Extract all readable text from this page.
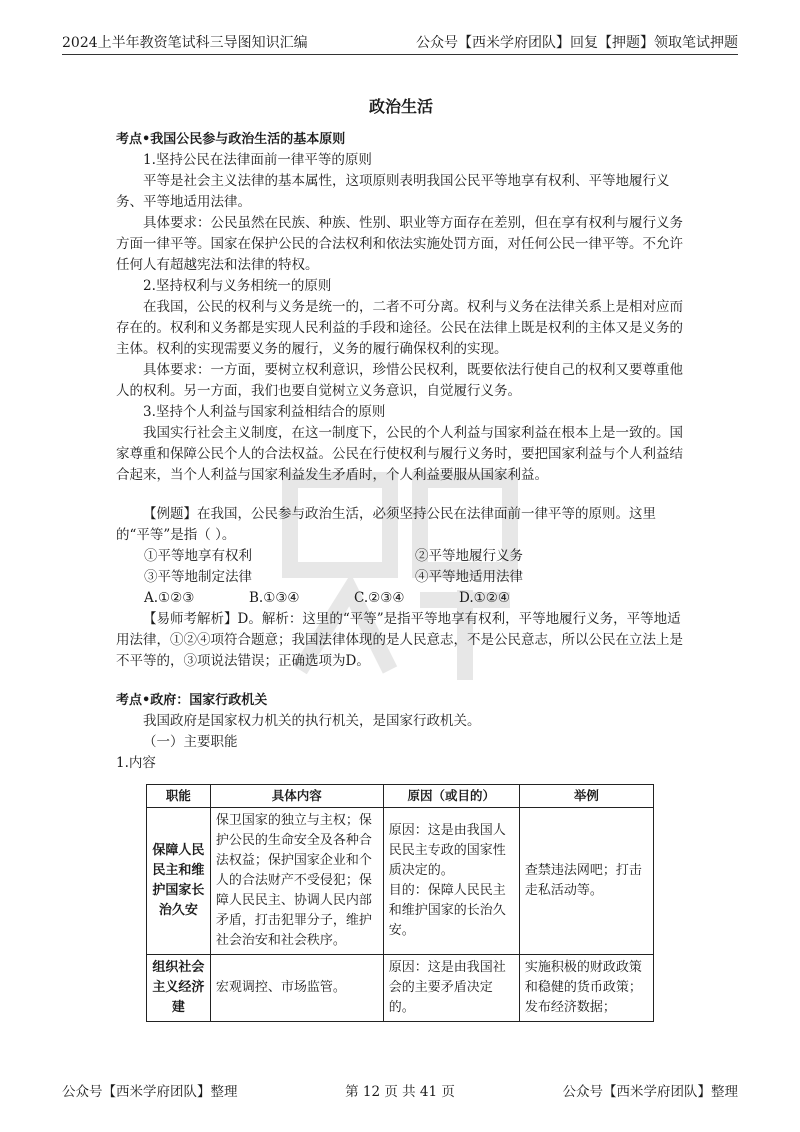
2024上半年教资笔试科三导图知识汇编	公众号【西米学府团队】回复【押题】领取笔试押题

政治生活

考点•我国公民参与政治生活的基本原则

1.坚持公民在法律面前一律平等的原则

平等是社会主义法律的基本属性，这项原则表明我国公民平等地享有权利、平等地履行义务、平等地适用法律。

具体要求：公民虽然在民族、种族、性别、职业等方面存在差别，但在享有权利与履行义务方面一律平等。国家在保护公民的合法权利和依法实施处罚方面，对任何公民一律平等。不允许任何人有超越宪法和法律的特权。

2.坚持权利与义务相统一的原则

在我国，公民的权利与义务是统一的，二者不可分离。权利与义务在法律关系上是相对应而存在的。权利和义务都是实现人民利益的手段和途径。公民在法律上既是权利的主体又是义务的主体。权利的实现需要义务的履行，义务的履行确保权利的实现。

具体要求：一方面，要树立权利意识，珍惜公民权利，既要依法行使自己的权利又要尊重他人的权利。另一方面，我们也要自觉树立义务意识，自觉履行义务。

3.坚持个人利益与国家利益相结合的原则

我国实行社会主义制度，在这一制度下，公民的个人利益与国家利益在根本上是一致的。国家尊重和保障公民个人的合法权益。公民在行使权利与履行义务时，要把国家利益与个人利益结合起来，当个人利益与国家利益发生矛盾时，个人利益要服从国家利益。

【例题】在我国，公民参与政治生活，必须坚持公民在法律面前一律平等的原则。这里的“平等”是指（ ）。

①平等地享有权利	②平等地履行义务
③平等地制定法律	④平等地适用法律
A.①②③	B.①③④	C.②③④	D.①②④

【易师考解析】D。解析：这里的“平等”是指平等地享有权利，平等地履行义务，平等地适用法律，①②④项符合题意；我国法律体现的是人民意志，不是公民意志，所以公民在立法上是不平等的，③项说法错误；正确选项为D。

考点•政府：国家行政机关

我国政府是国家权力机关的执行机关，是国家行政机关。

（一）主要职能

1.内容

职能	具体内容	原因（或目的）	举例
保障人民民主和维护国家长治久安	保卫国家的独立与主权；保护公民的生命安全及各种合法权益；保护国家企业和个人的合法财产不受侵犯；保障人民民主、协调人民内部矛盾，打击犯罪分子，维护社会治安和社会秩序。	原因：这是由我国人民民主专政的国家性质决定的。
目的：保障人民民主和维护国家的长治久安。	查禁违法网吧；打击走私活动等。
组织社会主义经济建	宏观调控、市场监管。	原因：这是由我国社会的主要矛盾决定的。	实施积极的财政政策和稳健的货币政策；发布经济数据；
公众号【西米学府团队】整理	第 12 页 共 41 页	公众号【西米学府团队】整理
